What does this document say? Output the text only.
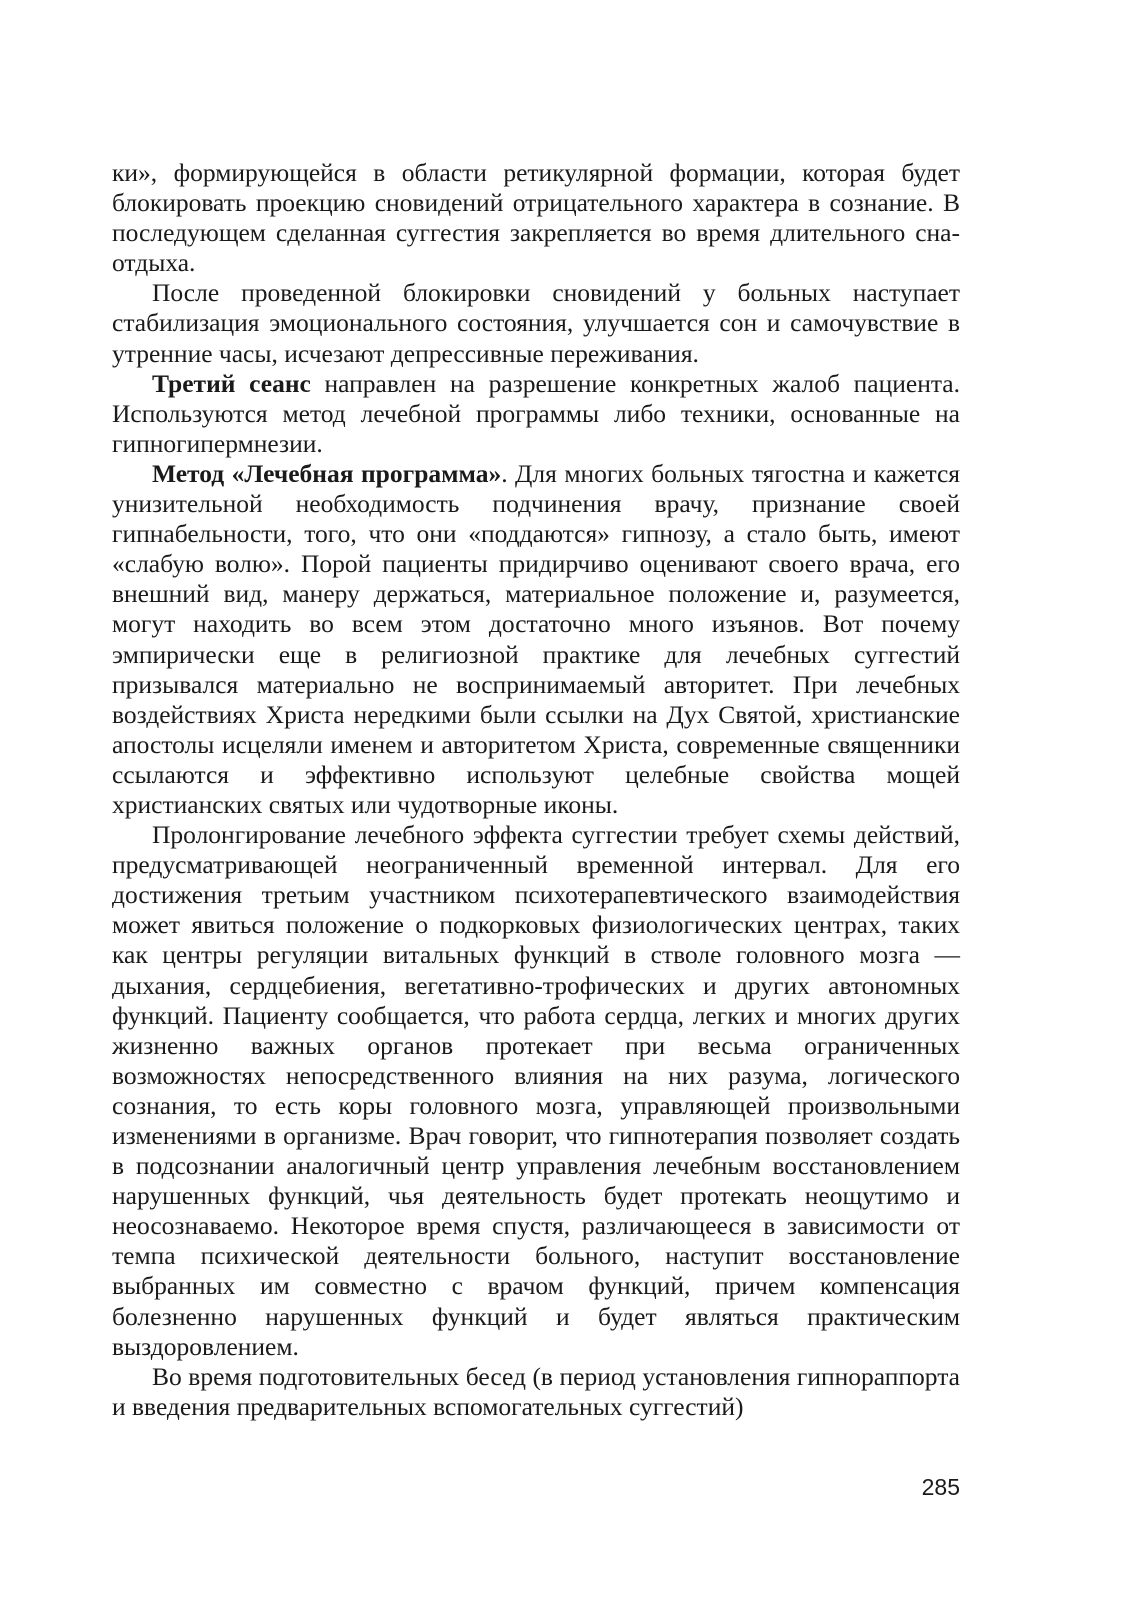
ки», формирующейся в области ретикулярной формации, которая будет блокировать проекцию сновидений отрицательного характера в сознание. В последующем сделанная суггестия закрепляется во время длительного сна-отдыха.

После проведенной блокировки сновидений у больных наступает стабилизация эмоционального состояния, улучшается сон и самочувствие в утренние часы, исчезают депрессивные переживания.

Третий сеанс направлен на разрешение конкретных жалоб пациента. Используются метод лечебной программы либо техники, основанные на гипногипермнезии.

Метод «Лечебная программа». Для многих больных тягостна и кажется унизительной необходимость подчинения врачу, признание своей гипнабельности, того, что они «поддаются» гипнозу, а стало быть, имеют «слабую волю». Порой пациенты придирчиво оценивают своего врача, его внешний вид, манеру держаться, материальное положение и, разумеется, могут находить во всем этом достаточно много изъянов. Вот почему эмпирически еще в религиозной практике для лечебных суггестий призывался материально не воспринимаемый авторитет. При лечебных воздействиях Христа нередкими были ссылки на Дух Святой, христианские апостолы исцеляли именем и авторитетом Христа, современные священники ссылаются и эффективно используют целебные свойства мощей христианских святых или чудотворные иконы.

Пролонгирование лечебного эффекта суггестии требует схемы действий, предусматривающей неограниченный временной интервал. Для его достижения третьим участником психотерапевтического взаимодействия может явиться положение о подкорковых физиологических центрах, таких как центры регуляции витальных функций в стволе головного мозга — дыхания, сердцебиения, вегетативно-трофических и других автономных функций. Пациенту сообщается, что работа сердца, легких и многих других жизненно важных органов протекает при весьма ограниченных возможностях непосредственного влияния на них разума, логического сознания, то есть коры головного мозга, управляющей произвольными изменениями в организме. Врач говорит, что гипнотерапия позволяет создать в подсознании аналогичный центр управления лечебным восстановлением нарушенных функций, чья деятельность будет протекать неощутимо и неосознаваемо. Некоторое время спустя, различающееся в зависимости от темпа психической деятельности больного, наступит восстановление выбранных им совместно с врачом функций, причем компенсация болезненно нарушенных функций и будет являться практическим выздоровлением.

Во время подготовительных бесед (в период установления гипнораппорта и введения предварительных вспомогательных суггестий)

285
